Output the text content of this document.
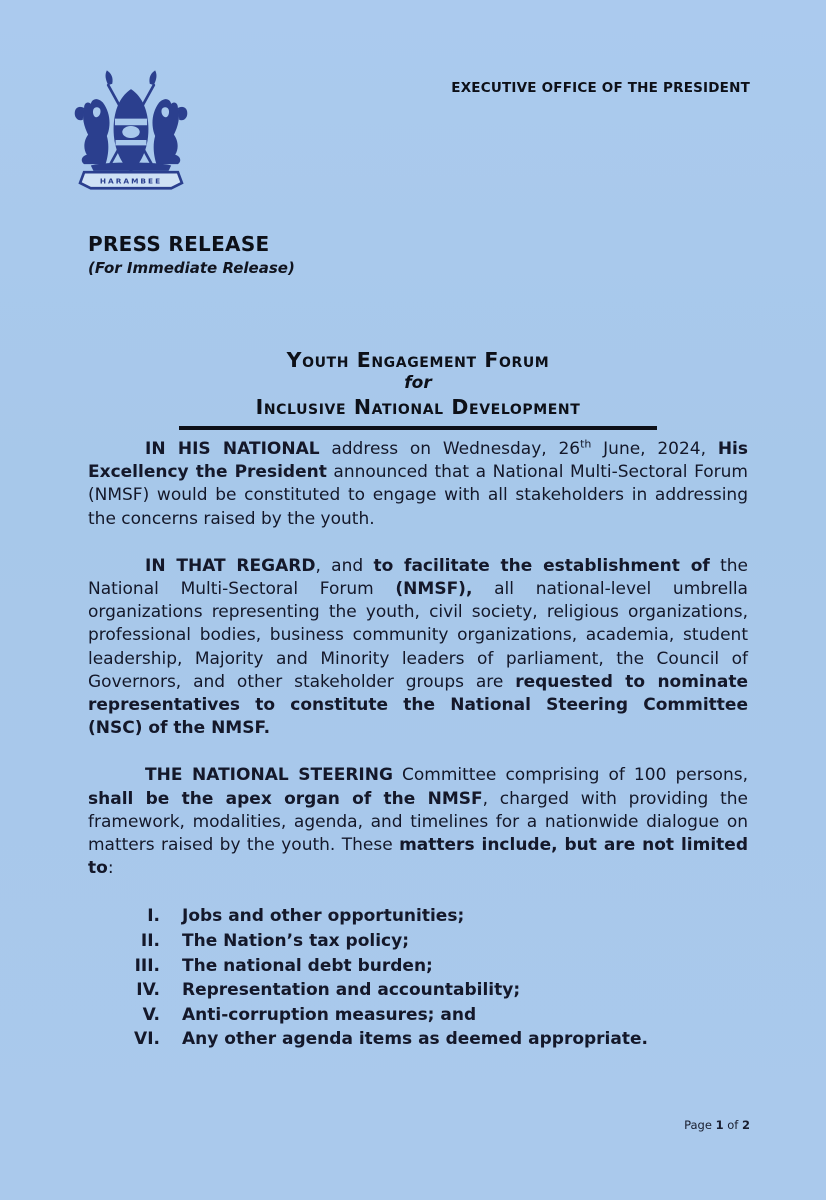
HARAMBEE
EXECUTIVE OFFICE OF THE PRESIDENT
PRESS RELEASE
(For Immediate Release)
Youth Engagement Forum
for
Inclusive National Development

IN HIS NATIONAL address on Wednesday, 26th June, 2024, His Excellency the President announced that a National Multi-Sectoral Forum (NMSF) would be constituted to engage with all stakeholders in addressing the concerns raised by the youth.

IN THAT REGARD, and to facilitate the establishment of the National Multi-Sectoral Forum (NMSF), all national-level umbrella organizations representing the youth, civil society, religious organizations, professional bodies, business community organizations, academia, student leadership, Majority and Minority leaders of parliament, the Council of Governors, and other stakeholder groups are requested to nominate representatives to constitute the National Steering Committee (NSC) of the NMSF.

THE NATIONAL STEERING Committee comprising of 100 persons, shall be the apex organ of the NMSF, charged with providing the framework, modalities, agenda, and timelines for a nationwide dialogue on matters raised by the youth. These matters include, but are not limited to:

I.	Jobs and other opportunities;
II.	The Nation’s tax policy;
III.	The national debt burden;
IV.	Representation and accountability;
V.	Anti-corruption measures; and
VI.	Any other agenda items as deemed appropriate.
Page 1 of 2
